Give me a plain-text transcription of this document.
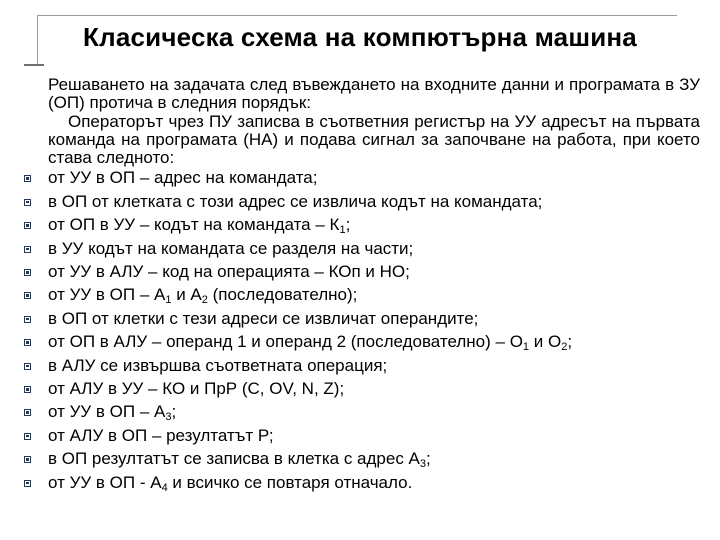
Класическа схема на компютърна машина

Решаването на задачата след въвеждането на входните данни и програмата в ЗУ (ОП) протича в следния порядък:

Операторът чрез ПУ записва в съответния регистър на УУ адресът на първата команда на програмата (НА) и подава сигнал за започване на работа, при което става следното:

от УУ в ОП – адрес на командата;
в ОП от клетката с този адрес се извлича кодът на командата;
от ОП в УУ – кодът на командата – $К_1$;
в УУ кодът на командата се разделя на части;
от УУ в АЛУ – код на операцията – КОп и НО;
от УУ в ОП – $А_1$ и $А_2$ (последователно);
в ОП от клетки с тези адреси се извличат операндите;
от ОП в АЛУ – операнд 1 и операнд 2 (последователно) – $О_1$ и $О_2$;
в АЛУ се извършва съответната операция;
от АЛУ в УУ – КО и ПрР (С, OV, N, Z);
от УУ в ОП – $А_3$;
от АЛУ в ОП – резултатът Р;
в ОП резултатът се записва в клетка с адрес $А_3$;
от УУ в ОП - $А_4$ и всичко се повтаря отначало.
